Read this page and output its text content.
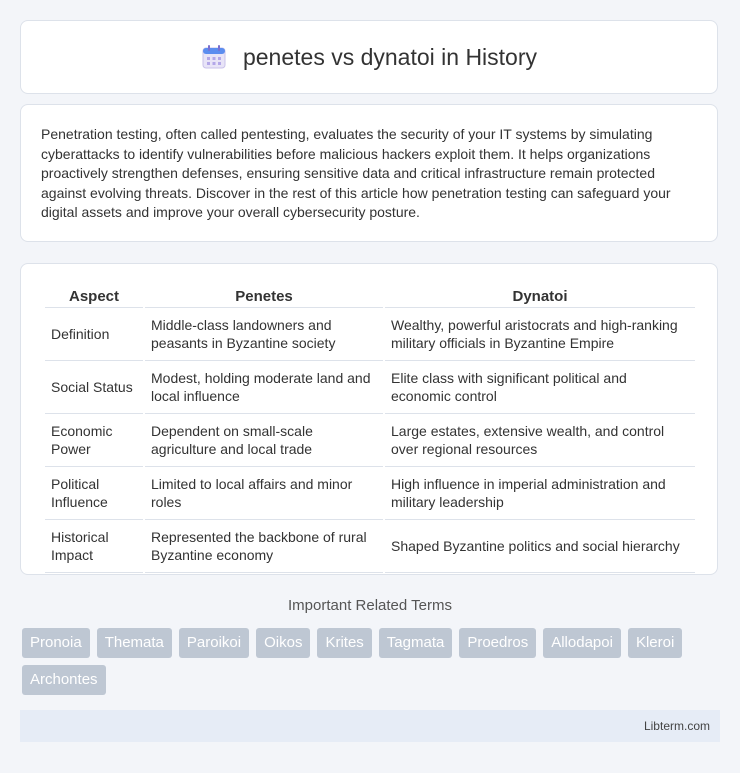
penetes vs dynatoi in History

Penetration testing, often called pentesting, evaluates the security of your IT systems by simulating cyberattacks to identify vulnerabilities before malicious hackers exploit them. It helps organizations proactively strengthen defenses, ensuring sensitive data and critical infrastructure remain protected against evolving threats. Discover in the rest of this article how penetration testing can safeguard your digital assets and improve your overall cybersecurity posture.

Aspect	Penetes	Dynatoi
Definition	Middle-class landowners and peasants in Byzantine society	Wealthy, powerful aristocrats and high-ranking military officials in Byzantine Empire
Social Status	Modest, holding moderate land and local influence	Elite class with significant political and economic control
Economic Power	Dependent on small-scale agriculture and local trade	Large estates, extensive wealth, and control over regional resources
Political Influence	Limited to local affairs and minor roles	High influence in imperial administration and military leadership
Historical Impact	Represented the backbone of rural Byzantine economy	Shaped Byzantine politics and social hierarchy
Important Related Terms
Pronoia	Themata	Paroikoi	Oikos	Krites	Tagmata	Proedros	Allodapoi	Kleroi
Archontes
Libterm.com
